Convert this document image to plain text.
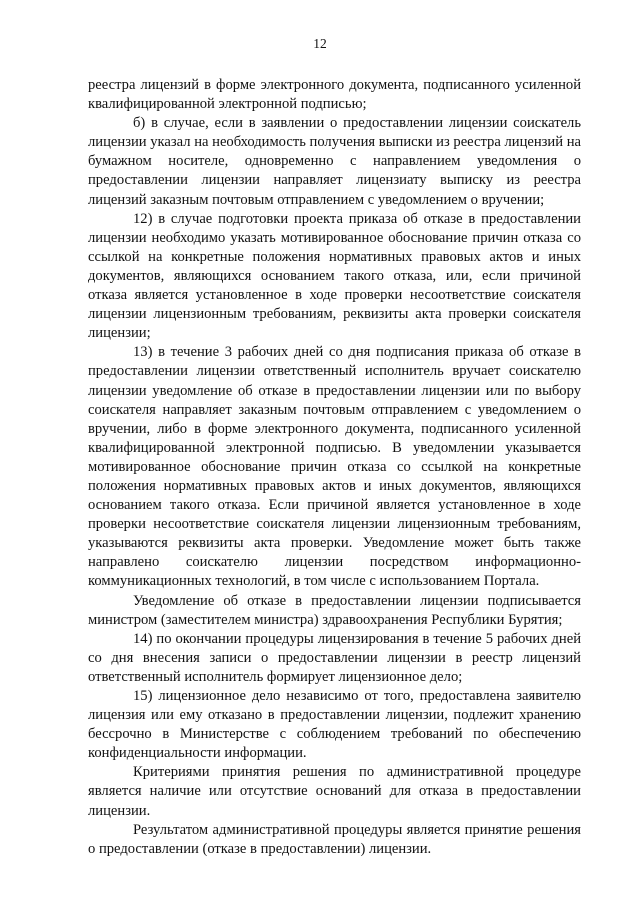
12

реестра лицензий в форме электронного документа, подписанного усиленной квалифицированной электронной подписью;

б) в случае, если в заявлении о предоставлении лицензии соискатель лицензии указал на необходимость получения выписки из реестра лицензий на бумажном носителе, одновременно с направлением уведомления о предоставлении лицензии направляет лицензиату выписку из реестра лицензий заказным почтовым отправлением с уведомлением о вручении;

12) в случае подготовки проекта приказа об отказе в предоставлении лицензии необходимо указать мотивированное обоснование причин отказа со ссылкой на конкретные положения нормативных правовых актов и иных документов, являющихся основанием такого отказа, или, если причиной отказа является установленное в ходе проверки несоответствие соискателя лицензии лицензионным требованиям, реквизиты акта проверки соискателя лицензии;

13) в течение 3 рабочих дней со дня подписания приказа об отказе в предоставлении лицензии ответственный исполнитель вручает соискателю лицензии уведомление об отказе в предоставлении лицензии или по выбору соискателя направляет заказным почтовым отправлением с уведомлением о вручении, либо в форме электронного документа, подписанного усиленной квалифицированной электронной подписью. В уведомлении указывается мотивированное обоснование причин отказа со ссылкой на конкретные положения нормативных правовых актов и иных документов, являющихся основанием такого отказа. Если причиной является установленное в ходе проверки несоответствие соискателя лицензии лицензионным требованиям, указываются реквизиты акта проверки. Уведомление может быть также направлено соискателю лицензии посредством информационно-коммуникационных технологий, в том числе с использованием Портала.

Уведомление об отказе в предоставлении лицензии подписывается министром (заместителем министра) здравоохранения Республики Бурятия;

14) по окончании процедуры лицензирования в течение 5 рабочих дней со дня внесения записи о предоставлении лицензии в реестр лицензий ответственный исполнитель формирует лицензионное дело;

15) лицензионное дело независимо от того, предоставлена заявителю лицензия или ему отказано в предоставлении лицензии, подлежит хранению бессрочно в Министерстве с соблюдением требований по обеспечению конфиденциальности информации.

Критериями принятия решения по административной процедуре является наличие или отсутствие оснований для отказа в предоставлении лицензии.

Результатом административной процедуры является принятие решения о предоставлении (отказе в предоставлении) лицензии.
